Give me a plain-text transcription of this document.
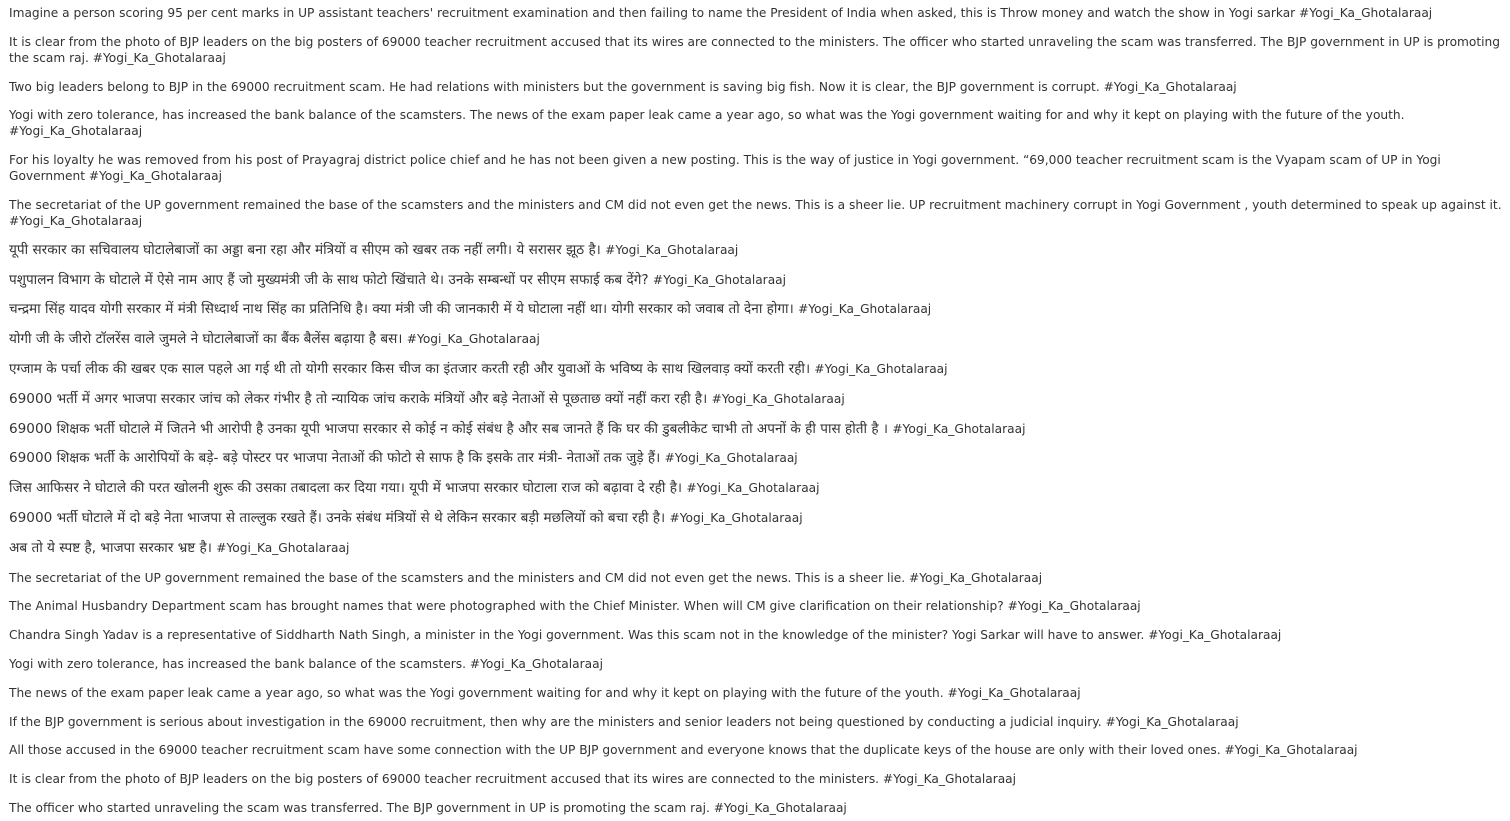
Imagine a person scoring 95 per cent marks in UP assistant teachers' recruitment examination and then failing to name the President of India when asked, this is Throw money and watch the show in Yogi sarkar #Yogi_Ka_Ghotalaraaj
It is clear from the photo of BJP leaders on the big posters of 69000 teacher recruitment accused that its wires are connected to the ministers. The officer who started unraveling the scam was transferred. The BJP government in UP is promoting the scam raj. #Yogi_Ka_Ghotalaraaj
Two big leaders belong to BJP in the 69000 recruitment scam. He had relations with ministers but the government is saving big fish. Now it is clear, the BJP government is corrupt. #Yogi_Ka_Ghotalaraaj
Yogi with zero tolerance, has increased the bank balance of the scamsters. The news of the exam paper leak came a year ago, so what was the Yogi government waiting for and why it kept on playing with the future of the youth. #Yogi_Ka_Ghotalaraaj
For his loyalty he was removed from his post of Prayagraj district police chief and he has not been given a new posting. This is the way of justice in Yogi government. “69,000 teacher recruitment scam is the Vyapam scam of UP in Yogi Government #Yogi_Ka_Ghotalaraaj
The secretariat of the UP government remained the base of the scamsters and the ministers and CM did not even get the news. This is a sheer lie. UP recruitment machinery corrupt in Yogi Government , youth determined to speak up against it. #Yogi_Ka_Ghotalaraaj
यूपी सरकार का सचिवालय घोटालेबाजों का अड्डा बना रहा और मंत्रियों व सीएम को खबर तक नहीं लगी। ये सरासर झूठ है। #Yogi_Ka_Ghotalaraaj
पशुपालन विभाग के घोटाले में ऐसे नाम आए हैं जो मुख्यमंत्री जी के साथ फोटो खिंचाते थे। उनके सम्बन्धों पर सीएम सफाई कब देंगे? #Yogi_Ka_Ghotalaraaj
चन्द्रमा सिंह यादव योगी सरकार में मंत्री सिध्दार्थ नाथ सिंह का प्रतिनिधि है। क्या मंत्री जी की जानकारी में ये घोटाला नहीं था। योगी सरकार को जवाब तो देना होगा। #Yogi_Ka_Ghotalaraaj
योगी जी के जीरो टॉलरेंस वाले जुमले ने घोटालेबाजों का बैंक बैलेंस बढ़ाया है बस। #Yogi_Ka_Ghotalaraaj
एग्जाम के पर्चा लीक की खबर एक साल पहले आ गई थी तो योगी सरकार किस चीज का इंतजार करती रही और युवाओं के भविष्य के साथ खिलवाड़ क्यों करती रही। #Yogi_Ka_Ghotalaraaj
69000 भर्ती में अगर भाजपा सरकार जांच को लेकर गंभीर है तो न्यायिक जांच कराके मंत्रियों और बड़े नेताओं से पूछताछ क्यों नहीं करा रही है। #Yogi_Ka_Ghotalaraaj
69000 शिक्षक भर्ती घोटाले में जितने भी आरोपी है उनका यूपी भाजपा सरकार से कोई न कोई संबंध है और सब जानते हैं कि घर की डुबलीकेट चाभी तो अपनों के ही पास होती है । #Yogi_Ka_Ghotalaraaj
69000 शिक्षक भर्ती के आरोपियों के बड़े- बड़े पोस्टर पर भाजपा नेताओं की फोटो से साफ है कि इसके तार मंत्री- नेताओं तक जुड़े हैं। #Yogi_Ka_Ghotalaraaj
जिस आफिसर ने घोटाले की परत खोलनी शुरू की उसका तबादला कर दिया गया। यूपी में भाजपा सरकार घोटाला राज को बढ़ावा दे रही है। #Yogi_Ka_Ghotalaraaj
69000 भर्ती घोटाले में दो बड़े नेता भाजपा से ताल्लुक रखते हैं। उनके संबंध मंत्रियों से थे लेकिन सरकार बड़ी मछलियों को बचा रही है। #Yogi_Ka_Ghotalaraaj
अब तो ये स्पष्ट है, भाजपा सरकार भ्रष्ट है। #Yogi_Ka_Ghotalaraaj
The secretariat of the UP government remained the base of the scamsters and the ministers and CM did not even get the news. This is a sheer lie. #Yogi_Ka_Ghotalaraaj
The Animal Husbandry Department scam has brought names that were photographed with the Chief Minister. When will CM give clarification on their relationship? #Yogi_Ka_Ghotalaraaj
Chandra Singh Yadav is a representative of Siddharth Nath Singh, a minister in the Yogi government. Was this scam not in the knowledge of the minister? Yogi Sarkar will have to answer. #Yogi_Ka_Ghotalaraaj
Yogi with zero tolerance, has increased the bank balance of the scamsters. #Yogi_Ka_Ghotalaraaj
The news of the exam paper leak came a year ago, so what was the Yogi government waiting for and why it kept on playing with the future of the youth. #Yogi_Ka_Ghotalaraaj
If the BJP government is serious about investigation in the 69000 recruitment, then why are the ministers and senior leaders not being questioned by conducting a judicial inquiry. #Yogi_Ka_Ghotalaraaj
All those accused in the 69000 teacher recruitment scam have some connection with the UP BJP government and everyone knows that the duplicate keys of the house are only with their loved ones. #Yogi_Ka_Ghotalaraaj
It is clear from the photo of BJP leaders on the big posters of 69000 teacher recruitment accused that its wires are connected to the ministers. #Yogi_Ka_Ghotalaraaj
The officer who started unraveling the scam was transferred. The BJP government in UP is promoting the scam raj. #Yogi_Ka_Ghotalaraaj
